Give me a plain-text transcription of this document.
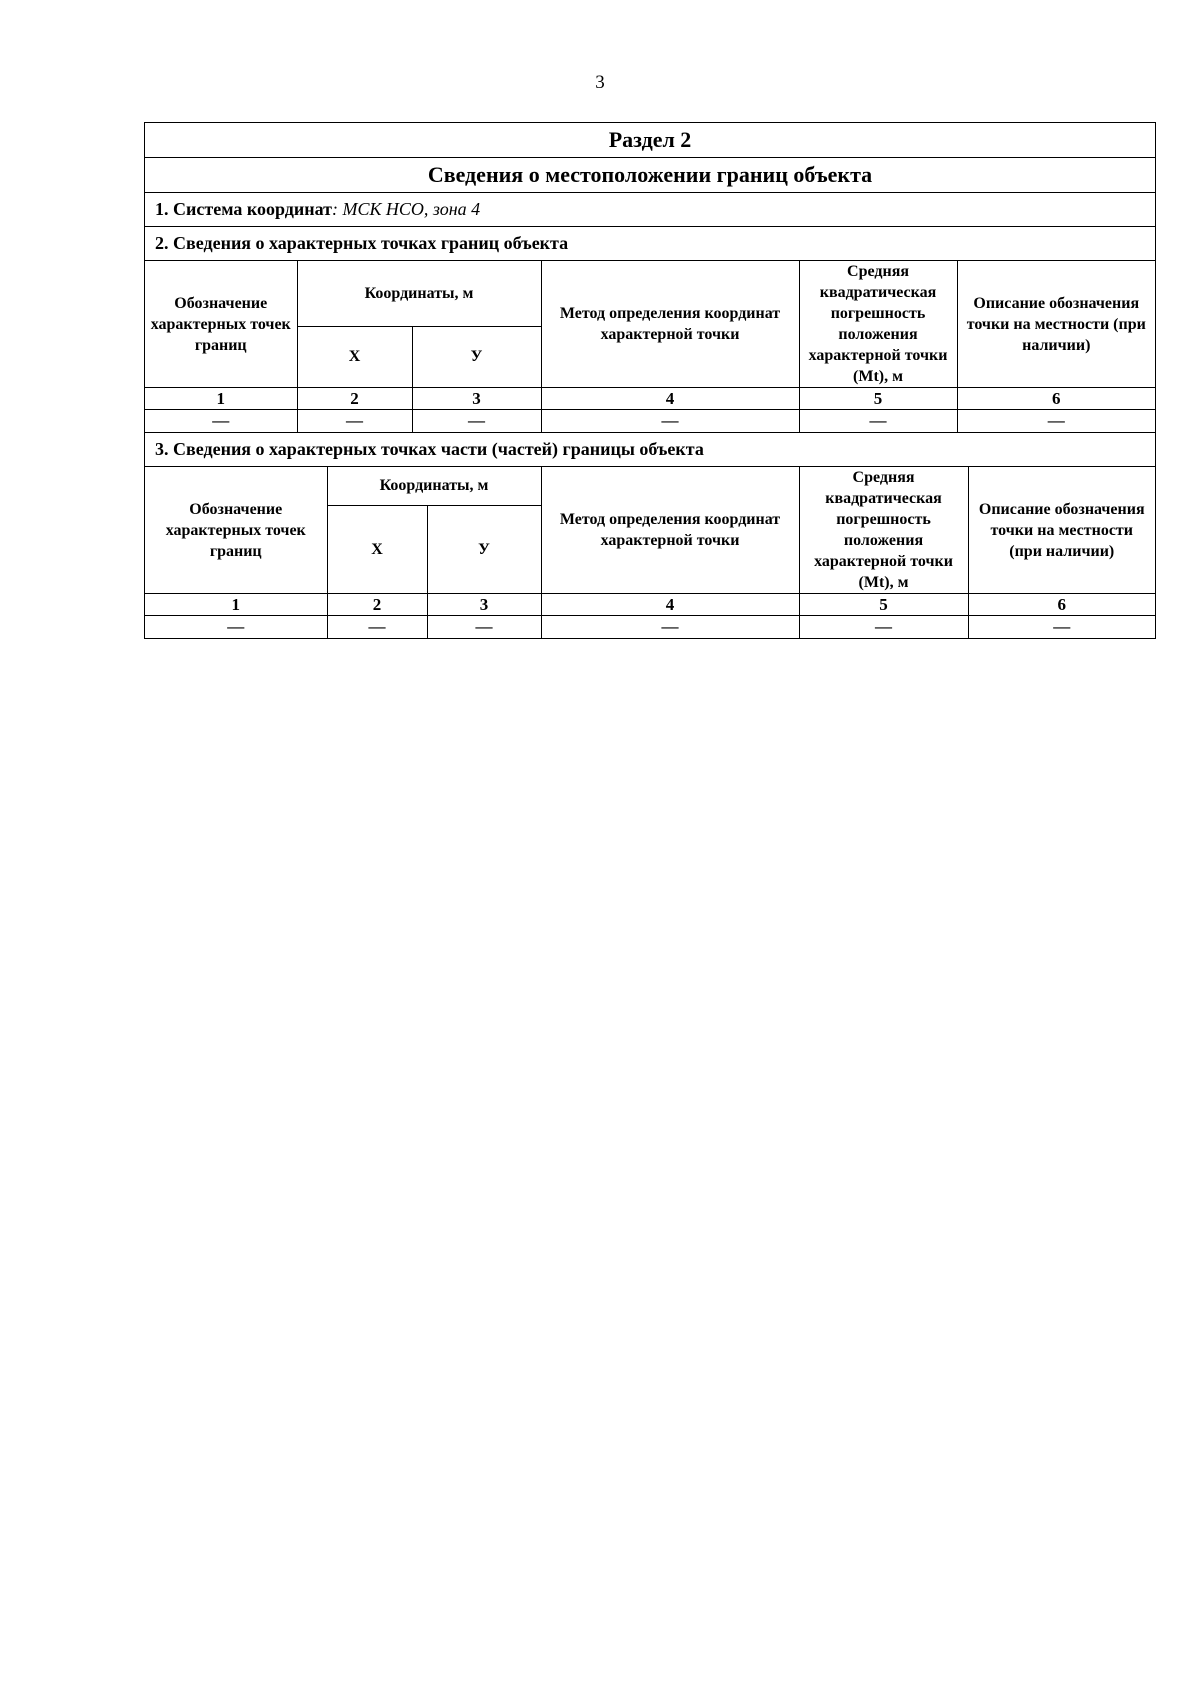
3
Раздел 2
Сведения о местоположении границ объекта
1. Система координат: МСК НСО, зона 4
2. Сведения о характерных точках границ объекта
Обозначение характерных точек границ	Координаты, м		Метод определения координат характерной точки	Средняя квадратическая погрешность положения характерной точки (Mt), м	Описание обозначения точки на местности (при наличии)
	X	У			
1	2	3	4	5	6
—	—	—	—	—	—
3. Сведения о характерных точках части (частей) границы объекта
Обозначение характерных точек границ	Координаты, м		Метод определения координат характерной точки	Средняя квадратическая погрешность положения характерной точки (Mt), м	Описание обозначения точки на местности (при наличии)
	X	У			
1	2	3	4	5	6
—	—	—	—	—	—
